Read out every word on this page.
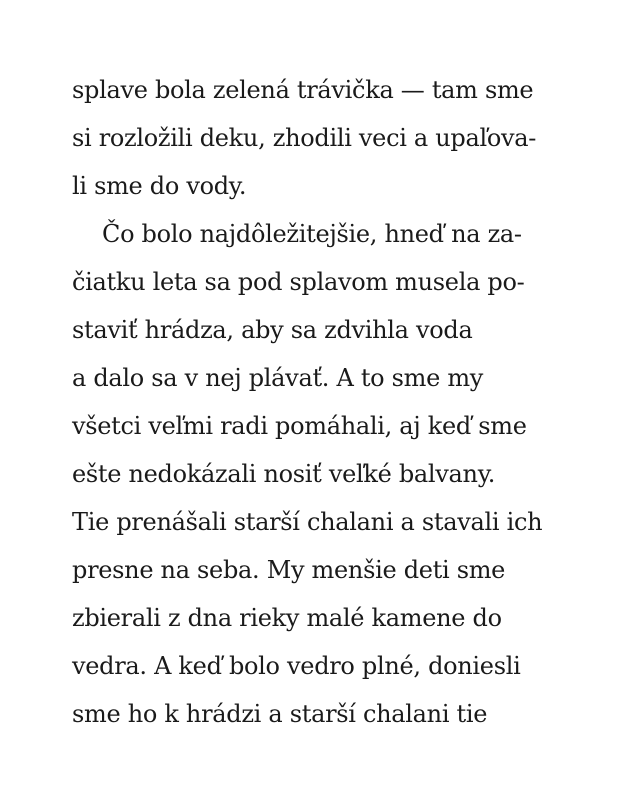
splave bola zelená trávička — tam sme
si rozložili deku, zhodili veci a upaľova-
li sme do vody.
Čo bolo najdôležitejšie, hneď na za-
čiatku leta sa pod splavom musela po-
staviť hrádza, aby sa zdvihla voda
a dalo sa v nej plávať. A to sme my
všetci veľmi radi pomáhali, aj keď sme
ešte nedokázali nosiť veľké balvany.
Tie prenášali starší chalani a stavali ich
presne na seba. My menšie deti sme
zbierali z dna rieky malé kamene do
vedra. A keď bolo vedro plné, doniesli
sme ho k hrádzi a starší chalani tie
